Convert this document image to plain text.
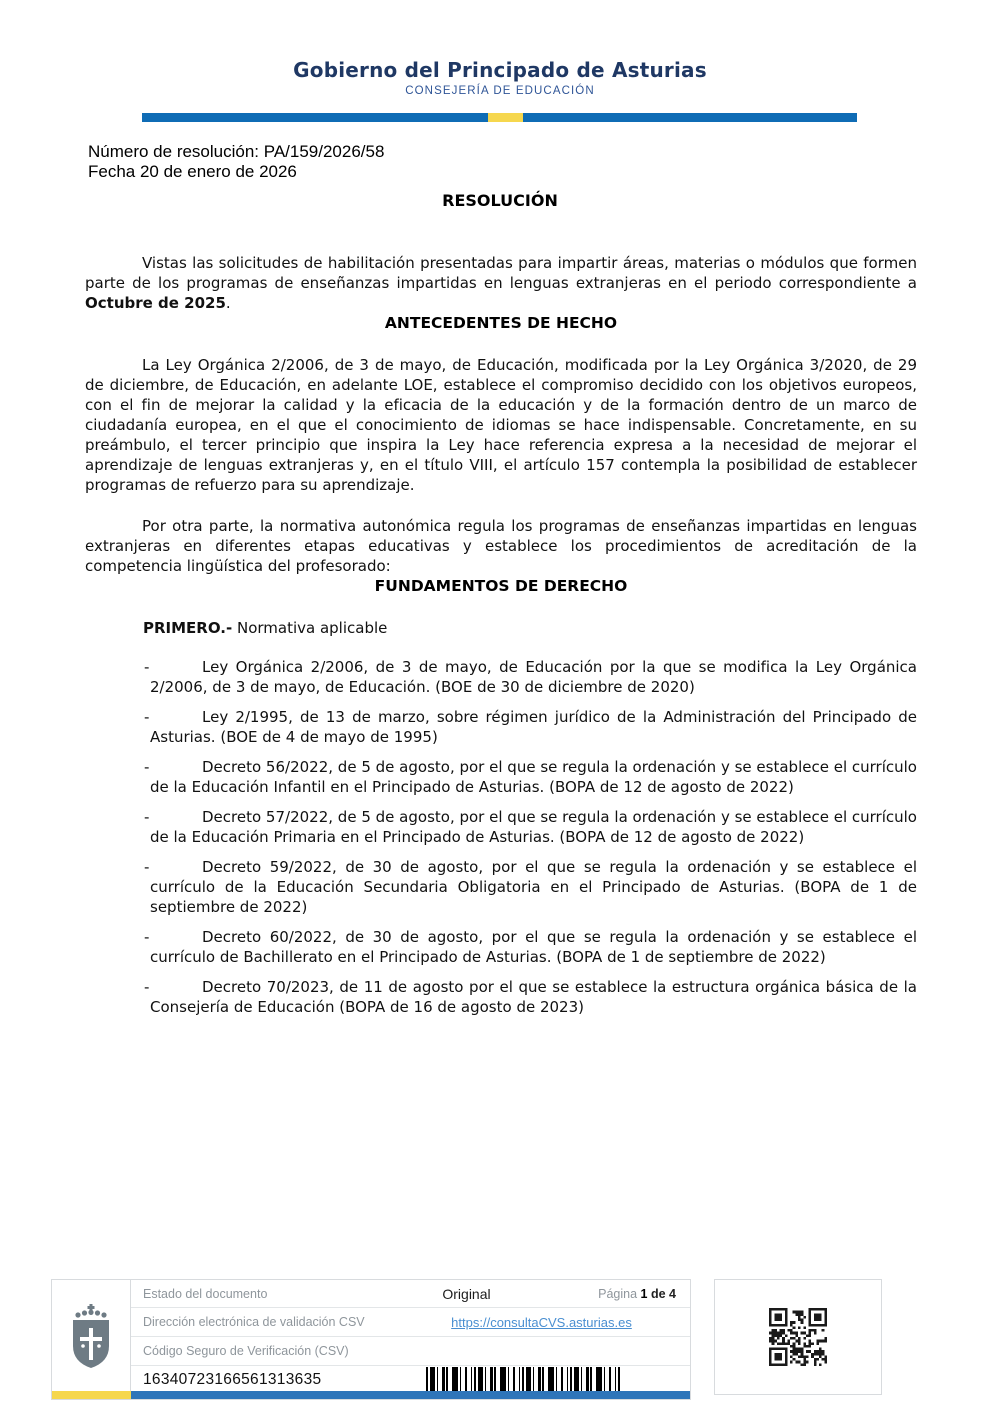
Gobierno del Principado de Asturias
CONSEJERÍA DE EDUCACIÓN
Número de resolución: PA/159/2026/58
Fecha 20 de enero de 2026
RESOLUCIÓN

Vistas las solicitudes de habilitación presentadas para impartir áreas, materias o módulos que formen parte de los programas de enseñanzas impartidas en lenguas extranjeras en el periodo correspondiente a Octubre de 2025.

ANTECEDENTES DE HECHO

La Ley Orgánica 2/2006, de 3 de mayo, de Educación, modificada por la Ley Orgánica 3/2020, de 29 de diciembre, de Educación, en adelante LOE, establece el compromiso decidido con los objetivos europeos, con el fin de mejorar la calidad y la eficacia de la educación y de la formación dentro de un marco de ciudadanía europea, en el que el conocimiento de idiomas se hace indispensable. Concretamente, en su preámbulo, el tercer principio que inspira la Ley hace referencia expresa a la necesidad de mejorar el aprendizaje de lenguas extranjeras y, en el título VIII, el artículo 157 contempla la posibilidad de establecer programas de refuerzo para su aprendizaje.

Por otra parte, la normativa autonómica regula los programas de enseñanzas impartidas en lenguas extranjeras en diferentes etapas educativas y establece los procedimientos de acreditación de la competencia lingüística del profesorado:

FUNDAMENTOS DE DERECHO

PRIMERO.- Normativa aplicable

- Ley Orgánica 2/2006, de 3 de mayo, de Educación por la que se modifica la Ley Orgánica 2/2006, de 3 de mayo, de Educación. (BOE de 30 de diciembre de 2020)
- Ley 2/1995, de 13 de marzo, sobre régimen jurídico de la Administración del Principado de Asturias. (BOE de 4 de mayo de 1995)
- Decreto 56/2022, de 5 de agosto, por el que se regula la ordenación y se establece el currículo de la Educación Infantil en el Principado de Asturias. (BOPA de 12 de agosto de 2022)
- Decreto 57/2022, de 5 de agosto, por el que se regula la ordenación y se establece el currículo de la Educación Primaria en el Principado de Asturias. (BOPA de 12 de agosto de 2022)
- Decreto 59/2022, de 30 de agosto, por el que se regula la ordenación y se establece el currículo de la Educación Secundaria Obligatoria en el Principado de Asturias. (BOPA de 1 de septiembre de 2022)
- Decreto 60/2022, de 30 de agosto, por el que se regula la ordenación y se establece el currículo de Bachillerato en el Principado de Asturias. (BOPA de 1 de septiembre de 2022)
- Decreto 70/2023, de 11 de agosto por el que se establece la estructura orgánica básica de la Consejería de Educación (BOPA de 16 de agosto de 2023)
Estado del documento	Original	Página 1 de 4
Dirección electrónica de validación CSV	https://consultaCVS.asturias.es
Código Seguro de Verificación (CSV)
16340723166561313635
